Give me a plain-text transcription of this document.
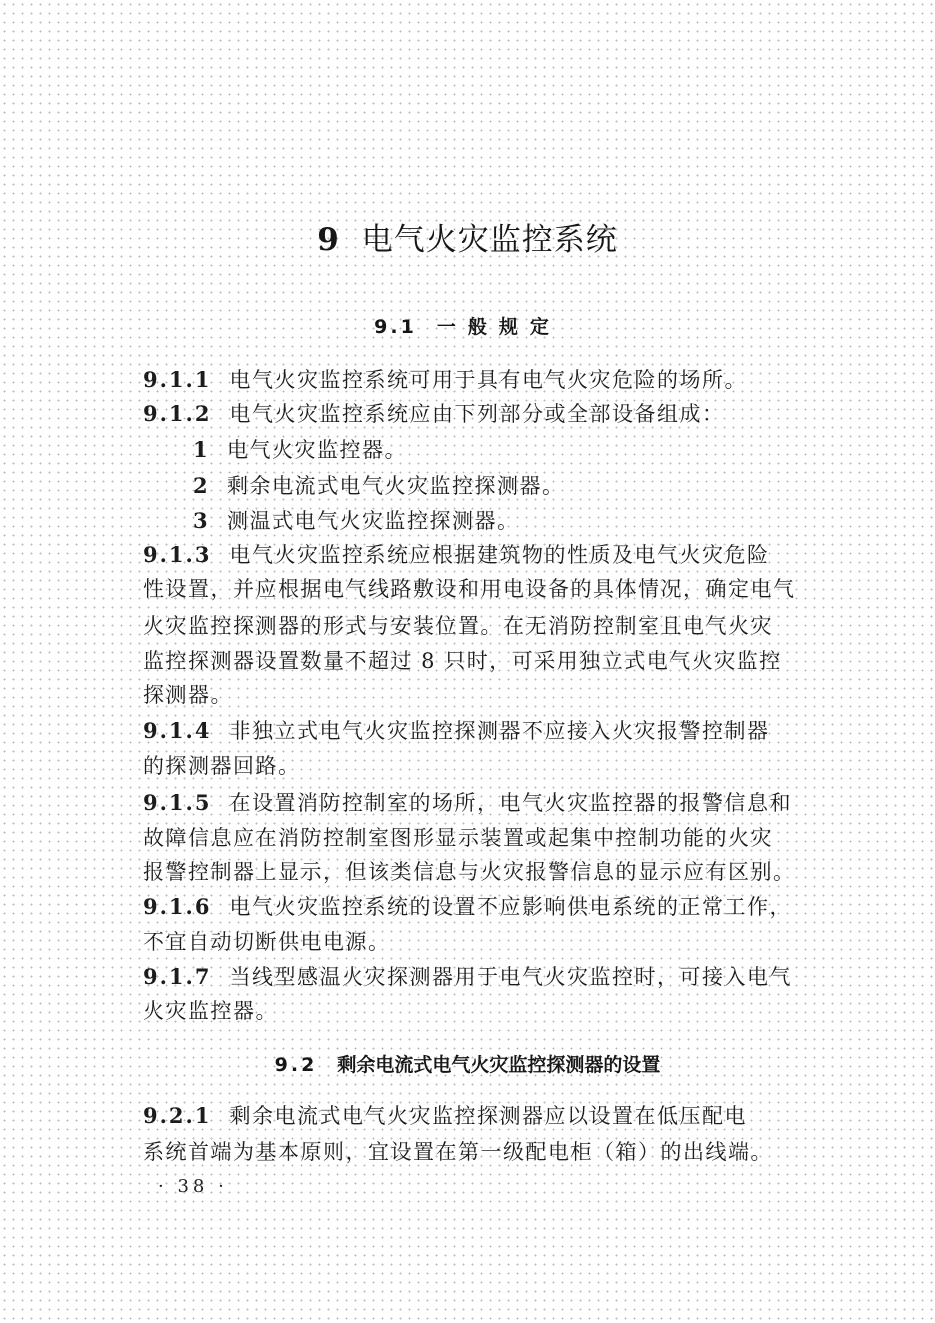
9 电气火灾监控系统
9.1 一般规定
9.1.1 电气火灾监控系统可用于具有电气火灾危险的场所。
9.1.2 电气火灾监控系统应由下列部分或全部设备组成：
1 电气火灾监控器。
2 剩余电流式电气火灾监控探测器。
3 测温式电气火灾监控探测器。
9.1.3 电气火灾监控系统应根据建筑物的性质及电气火灾危险
性设置，并应根据电气线路敷设和用电设备的具体情况，确定电气
火灾监控探测器的形式与安装位置。在无消防控制室且电气火灾
监控探测器设置数量不超过 8 只时，可采用独立式电气火灾监控
探测器。
9.1.4 非独立式电气火灾监控探测器不应接入火灾报警控制器
的探测器回路。
9.1.5 在设置消防控制室的场所，电气火灾监控器的报警信息和
故障信息应在消防控制室图形显示装置或起集中控制功能的火灾
报警控制器上显示，但该类信息与火灾报警信息的显示应有区别。
9.1.6 电气火灾监控系统的设置不应影响供电系统的正常工作，
不宜自动切断供电电源。
9.1.7 当线型感温火灾探测器用于电气火灾监控时，可接入电气
火灾监控器。
9.2 剩余电流式电气火灾监控探测器的设置
9.2.1 剩余电流式电气火灾监控探测器应以设置在低压配电
系统首端为基本原则，宜设置在第一级配电柜（箱）的出线端。
· 38 ·
